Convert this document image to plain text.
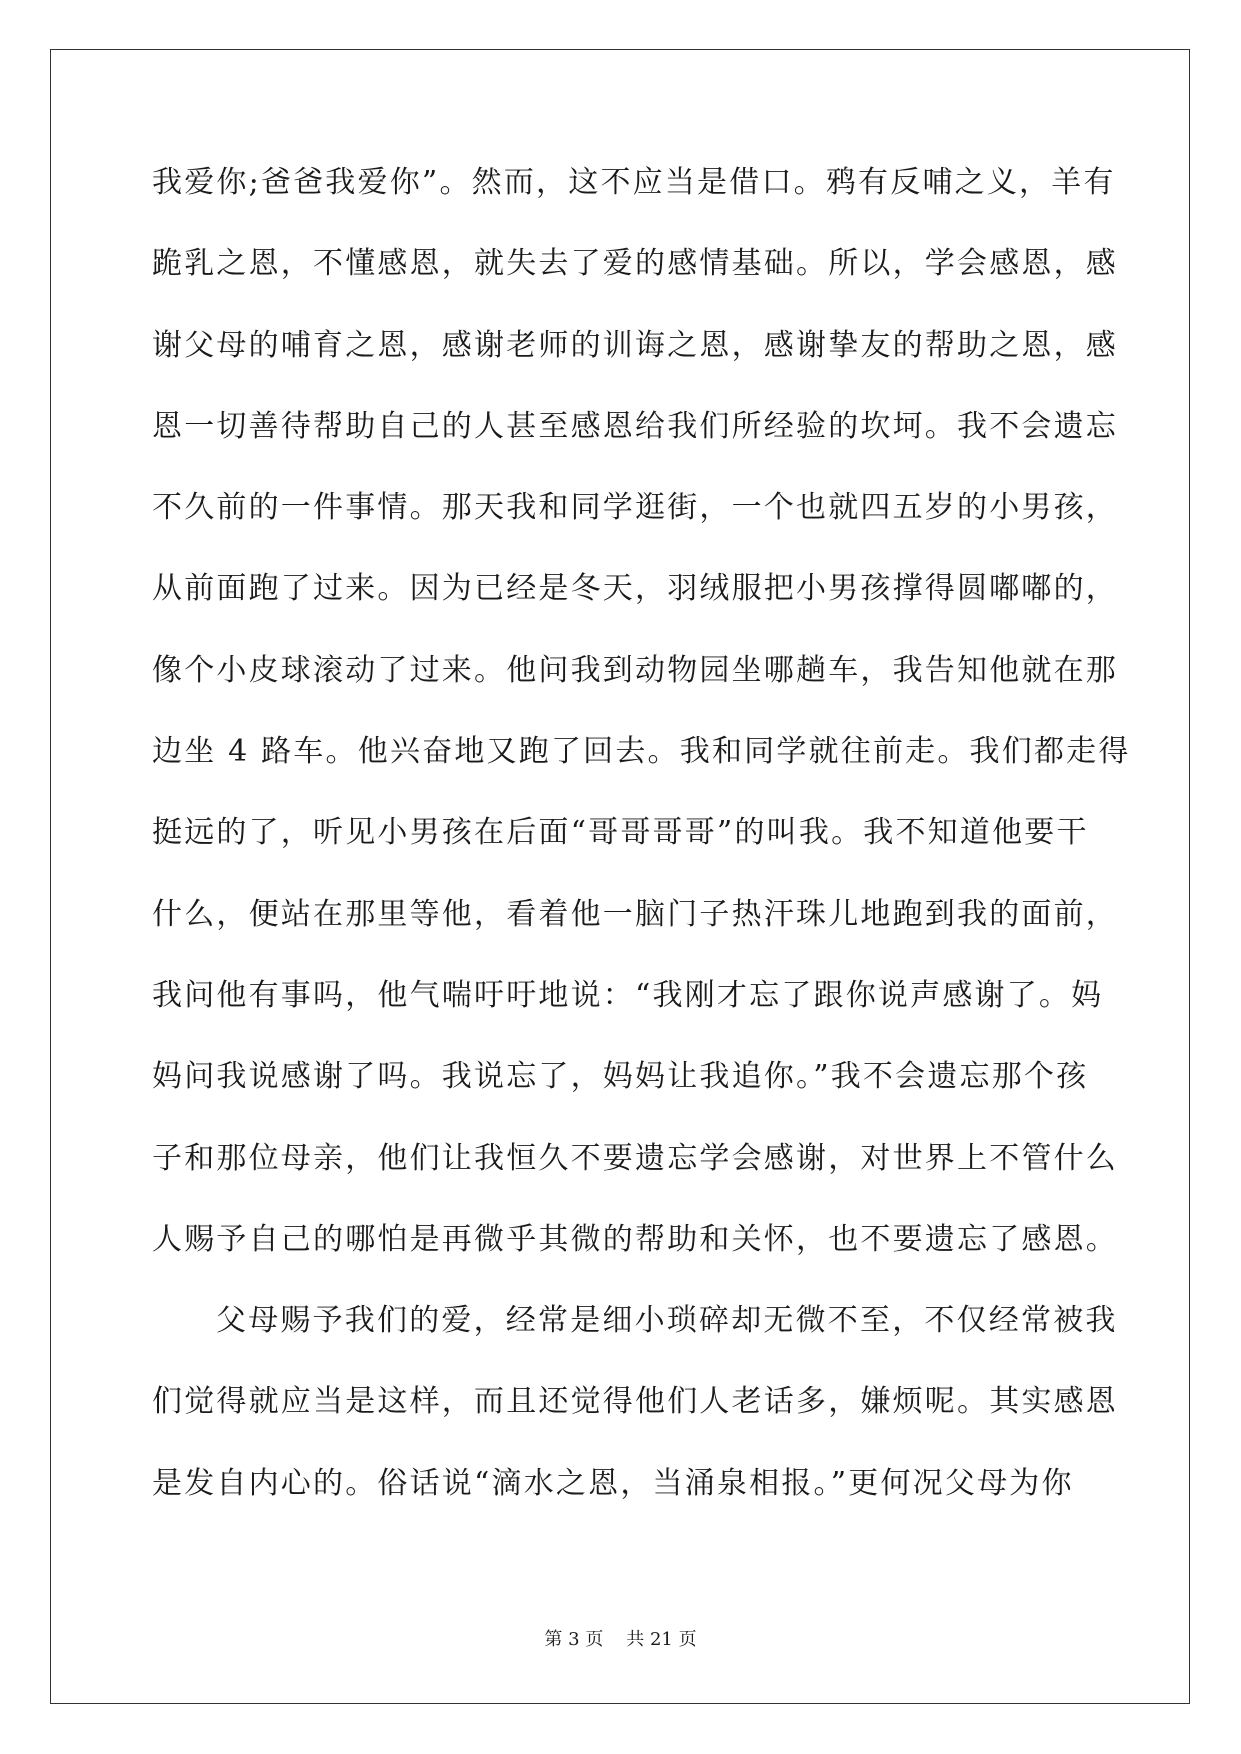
我爱你;爸爸我爱你”。然而，这不应当是借口。鸦有反哺之义，羊有
跪乳之恩，不懂感恩，就失去了爱的感情基础。所以，学会感恩，感
谢父母的哺育之恩，感谢老师的训诲之恩，感谢挚友的帮助之恩，感
恩一切善待帮助自己的人甚至感恩给我们所经验的坎坷。我不会遗忘
不久前的一件事情。那天我和同学逛街，一个也就四五岁的小男孩，
从前面跑了过来。因为已经是冬天，羽绒服把小男孩撑得圆嘟嘟的，
像个小皮球滚动了过来。他问我到动物园坐哪趟车，我告知他就在那
边坐 4 路车。他兴奋地又跑了回去。我和同学就往前走。我们都走得
挺远的了，听见小男孩在后面“哥哥哥哥”的叫我。我不知道他要干
什么，便站在那里等他，看着他一脑门子热汗珠儿地跑到我的面前，
我问他有事吗，他气喘吁吁地说：“我刚才忘了跟你说声感谢了。妈
妈问我说感谢了吗。我说忘了，妈妈让我追你。”我不会遗忘那个孩
子和那位母亲，他们让我恒久不要遗忘学会感谢，对世界上不管什么
人赐予自己的哪怕是再微乎其微的帮助和关怀，也不要遗忘了感恩。
父母赐予我们的爱，经常是细小琐碎却无微不至，不仅经常被我
们觉得就应当是这样，而且还觉得他们人老话多，嫌烦呢。其实感恩
是发自内心的。俗话说“滴水之恩，当涌泉相报。”更何况父母为你
第 3 页 共 21 页
